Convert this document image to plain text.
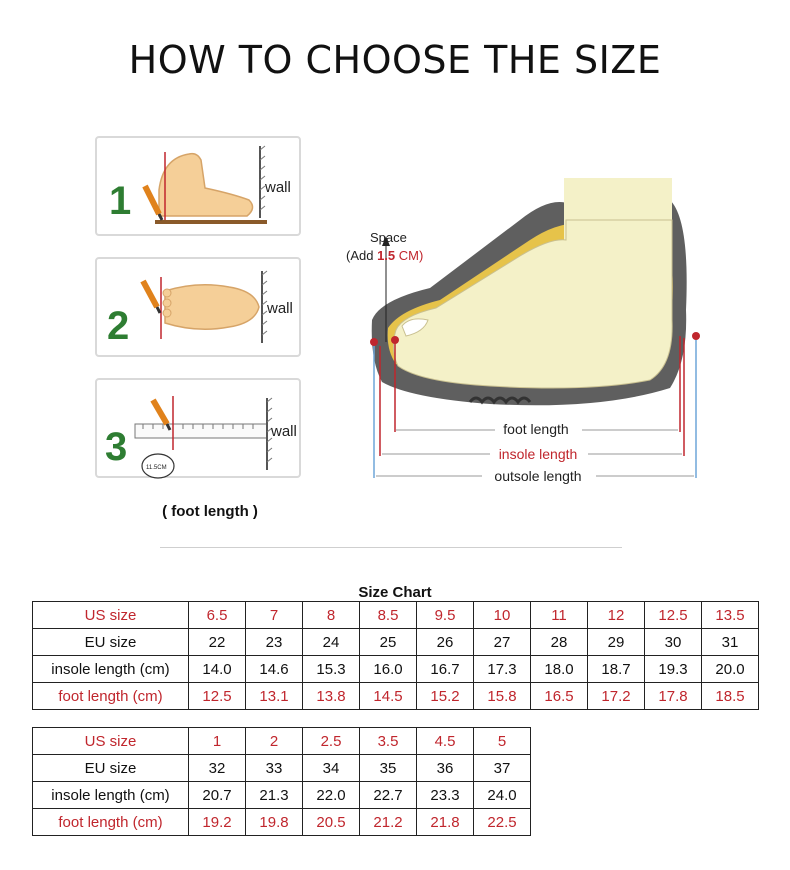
HOW TO CHOOSE THE SIZE
1	wall
2	wall
3	11.5CM
wall
( foot length )
Space
(Add 1.5 CM)
foot length
insole length
outsole length
Size Chart
US size	6.5	7	8	8.5	9.5	10	11	12	12.5	13.5
EU size	22	23	24	25	26	27	28	29	30	31
insole length (cm)	14.0	14.6	15.3	16.0	16.7	17.3	18.0	18.7	19.3	20.0
foot length (cm)	12.5	13.1	13.8	14.5	15.2	15.8	16.5	17.2	17.8	18.5
US size	1	2	2.5	3.5	4.5	5
EU size	32	33	34	35	36	37
insole length (cm)	20.7	21.3	22.0	22.7	23.3	24.0
foot length (cm)	19.2	19.8	20.5	21.2	21.8	22.5
